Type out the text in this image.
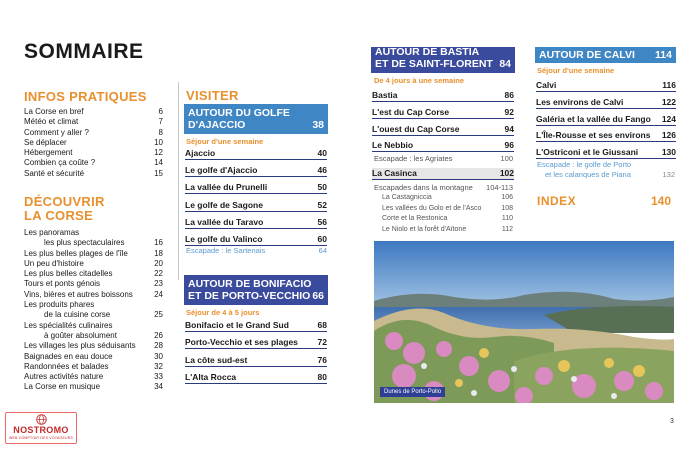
SOMMAIRE
INFOS PRATIQUES
La Corse en bref	6
Météo et climat	7
Comment y aller ?	8
Se déplacer	10
Hébergement	12
Combien ça coûte ?	14
Santé et sécurité	15
DÉCOUVRIR
LA CORSE
Les panoramas
les plus spectaculaires	16
Les plus belles plages de l'île	18
Un peu d'histoire	20
Les plus belles citadelles	22
Tours et ponts génois	23
Vins, bières et autres boissons	24
Les produits phares
de la cuisine corse	25
Les spécialités culinaires
à goûter absolument	26
Les villages les plus séduisants	28
Baignades en eau douce	30
Randonnées et balades	32
Autres activités nature	33
La Corse en musique	34
VISITER
AUTOUR DU GOLFE
D'AJACCIO	38
Séjour d'une semaine
Ajaccio	40
Le golfe d'Ajaccio	46
La vallée du Prunelli	50
Le golfe de Sagone	52
La vallée du Taravo	56
Le golfe du Valinco	60
Escapade : le Sartenais	64
AUTOUR DE BONIFACIO
ET DE PORTO-VECCHIO 66
Séjour de 4 à 5 jours
Bonifacio et le Grand Sud	68
Porto-Vecchio et ses plages 72
La côte sud-est	76
L'Alta Rocca	80
AUTOUR DE BASTIA
ET DE SAINT-FLORENT 84
De 4 jours à une semaine
Bastia	86
L'est du Cap Corse	92
L'ouest du Cap Corse	94
Le Nebbio	96
Escapade : les Agriates	100
La Casinca	102
Escapades dans la montagne 104-113
La Castagniccia	106
Les vallées du Golo et de l'Asco	108
Corte et la Restonica	110
Le Niolo et la forêt d'Aïtone	112
AUTOUR DE CALVI 114
Séjour d'une semaine
Calvi	116
Les environs de Calvi	122
Galéria et la vallée du Fango 124
L'Île-Rousse et ses environs 126
L'Ostriconi et le Giussani	130
Escapade : le golfe de Porto
et les calanques de Piana	132
INDEX	140
Dunes de Porto-Pollo
NOSTROMO
WEB COMPTOIR DES VOYAGEURS
3
